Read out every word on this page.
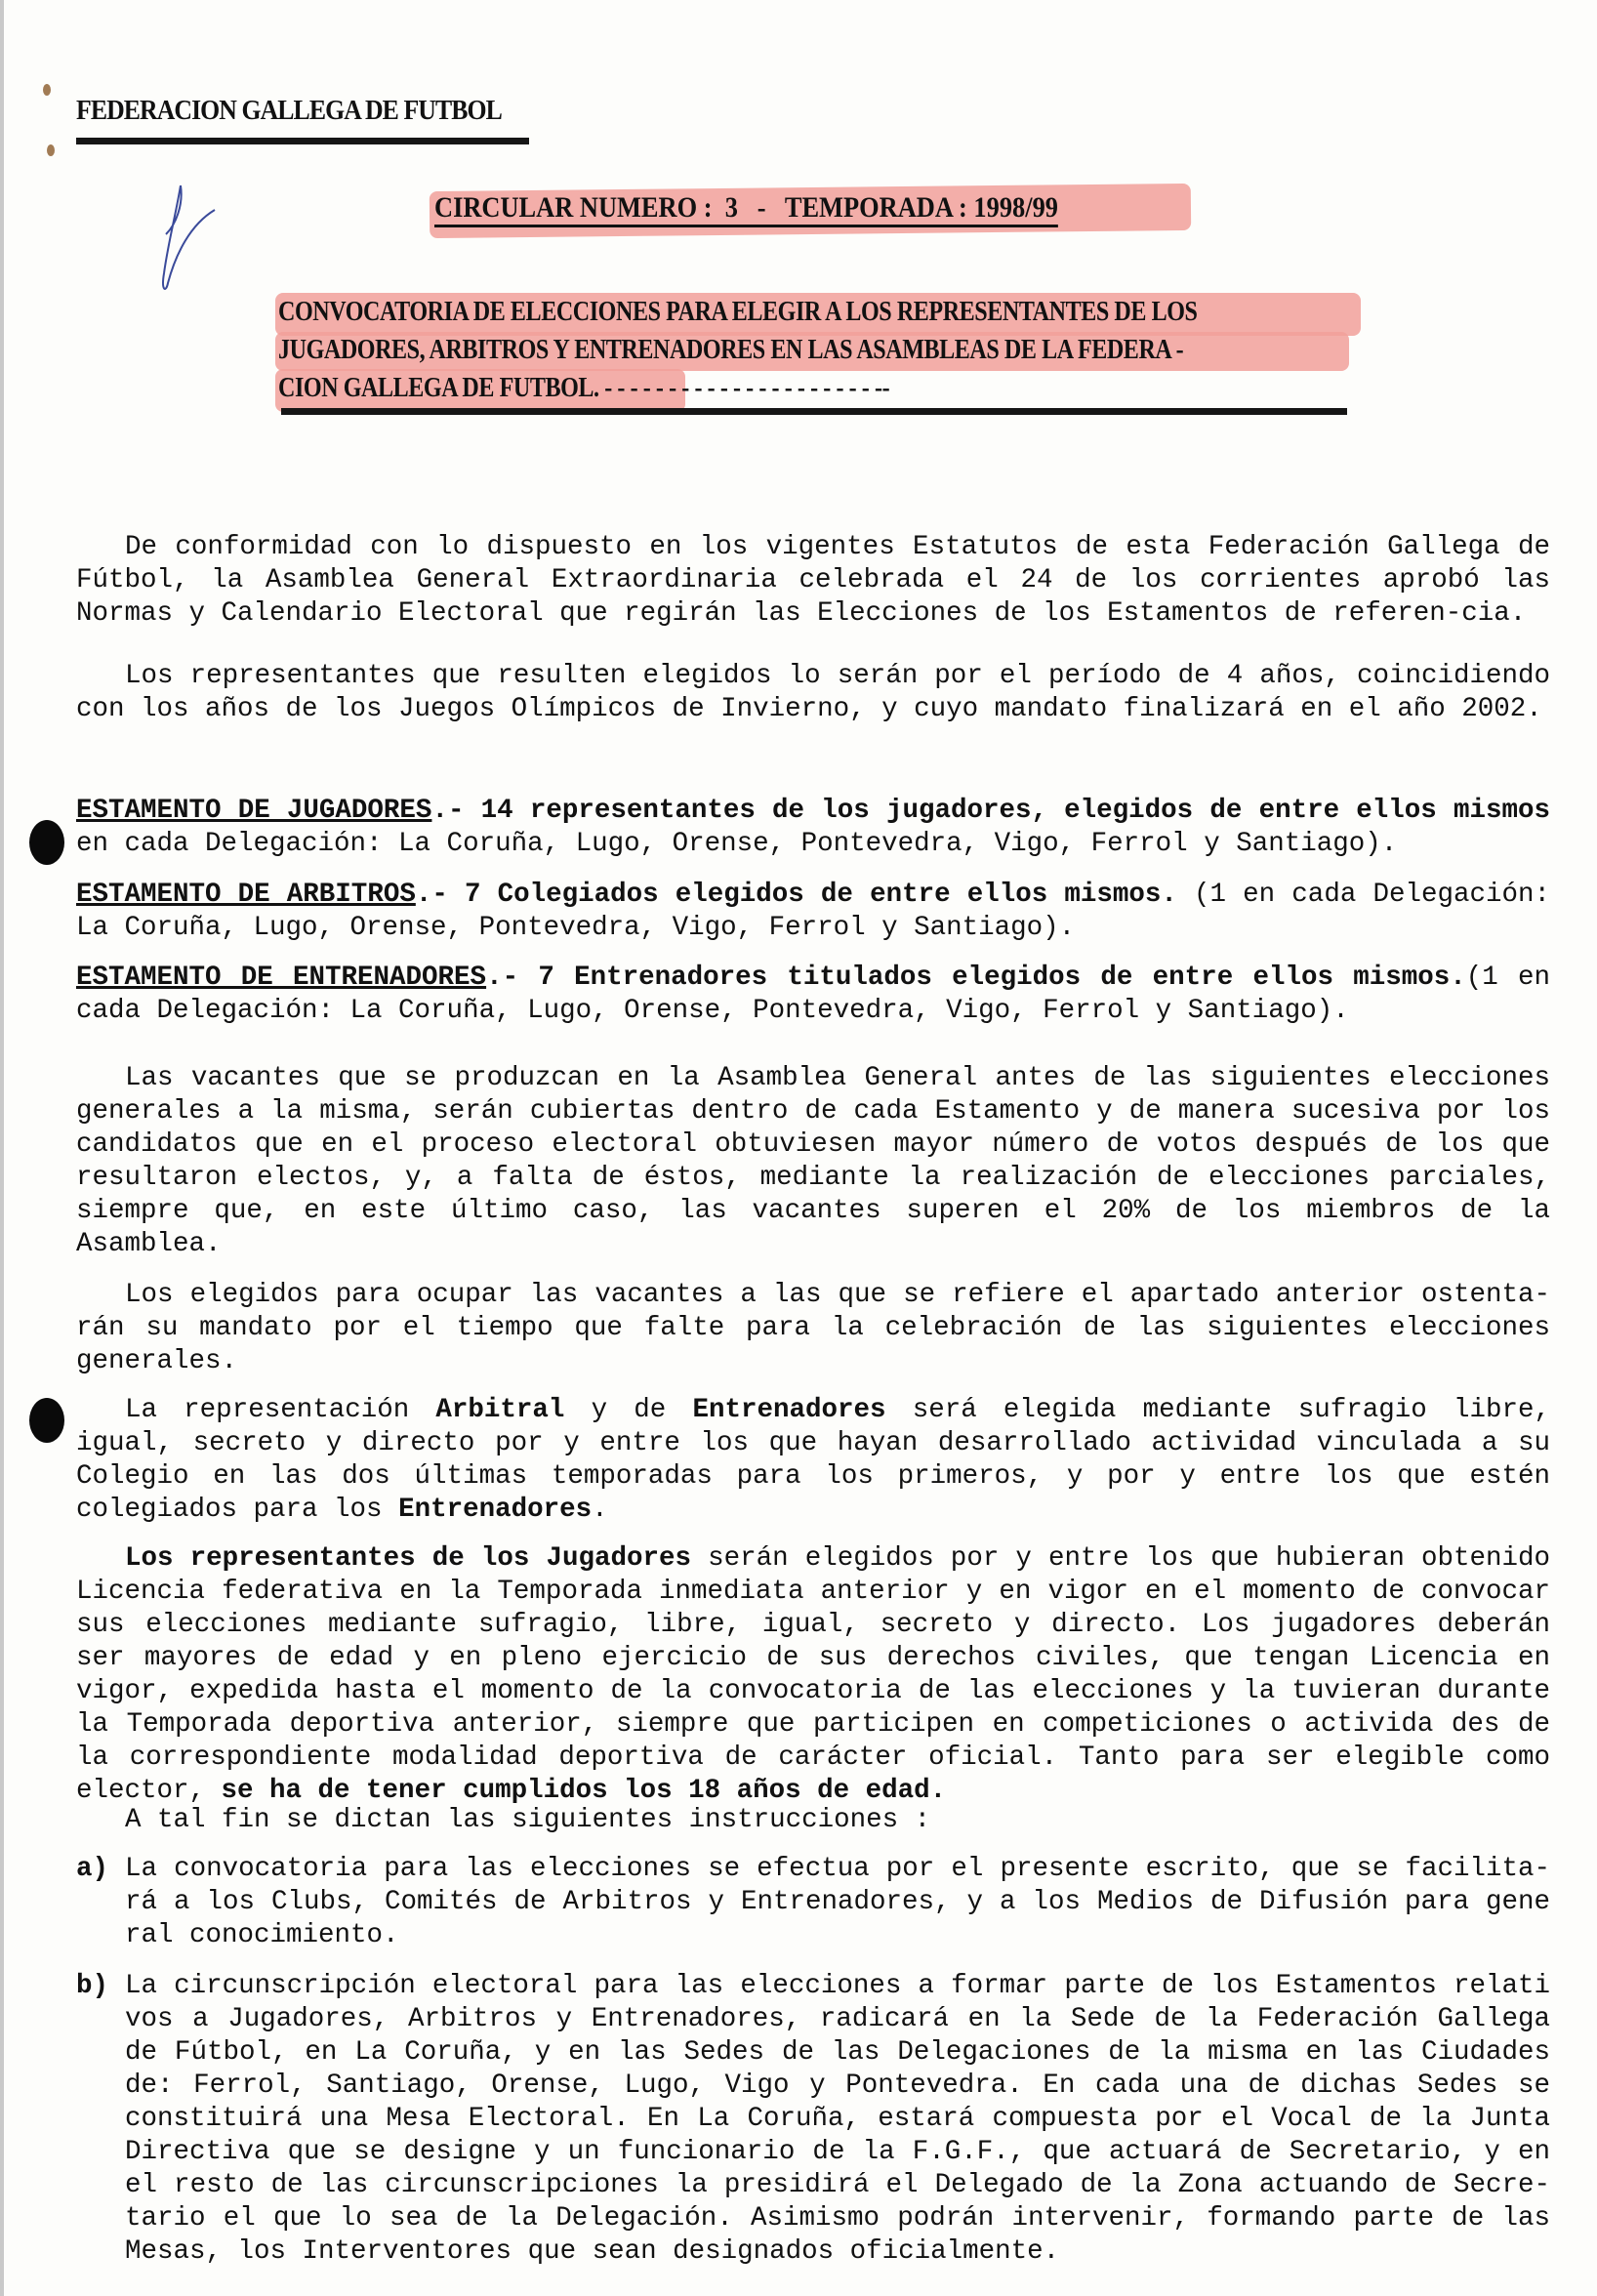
FEDERACION GALLEGA DE FUTBOL
CIRCULAR NUMERO :  3   -   TEMPORADA : 1998/99
CONVOCATORIA DE ELECCIONES PARA ELEGIR A LOS REPRESENTANTES DE LOS
JUGADORES, ARBITROS Y ENTRENADORES EN LAS ASAMBLEAS DE LA FEDERA -
CION GALLEGA DE FUTBOL. - - - - - - - - - - - - - - - - - - - - - --
De conformidad con lo dispuesto en los vigentes Estatutos de esta Federación Gallega de Fútbol, la Asamblea General Extraordinaria celebrada el 24 de los corrientes aprobó las Normas y Calendario Electoral que regirán las Elecciones de los Estamentos de referen-cia.
Los representantes que resulten elegidos lo serán por el período de 4 años, coincidiendo con los años de los Juegos Olímpicos de Invierno, y cuyo mandato finalizará en el año 2002.
ESTAMENTO DE JUGADORES.- 14 representantes de los jugadores, elegidos de entre ellos mismos en cada Delegación: La Coruña, Lugo, Orense, Pontevedra, Vigo, Ferrol y Santiago).
ESTAMENTO DE ARBITROS.- 7 Colegiados elegidos de entre ellos mismos. (1 en cada Delegación: La Coruña, Lugo, Orense, Pontevedra, Vigo, Ferrol y Santiago).
ESTAMENTO DE ENTRENADORES.- 7 Entrenadores titulados elegidos de entre ellos mismos.(1 en cada Delegación: La Coruña, Lugo, Orense, Pontevedra, Vigo, Ferrol y Santiago).
Las vacantes que se produzcan en la Asamblea General antes de las siguientes elecciones generales a la misma, serán cubiertas dentro de cada Estamento y de manera sucesiva por los candidatos que en el proceso electoral obtuviesen mayor número de votos después de los que resultaron electos, y, a falta de éstos, mediante la realización de elecciones parciales, siempre que, en este último caso, las vacantes superen el 20% de los miembros de la Asamblea.
Los elegidos para ocupar las vacantes a las que se refiere el apartado anterior ostenta-rán su mandato por el tiempo que falte para la celebración de las siguientes elecciones generales.
La representación Arbitral y de Entrenadores será elegida mediante sufragio libre, igual, secreto y directo por y entre los que hayan desarrollado actividad vinculada a su Colegio en las dos últimas temporadas para los primeros, y por y entre los que estén colegiados para los Entrenadores.
Los representantes de los Jugadores serán elegidos por y entre los que hubieran obtenido Licencia federativa en la Temporada inmediata anterior y en vigor en el momento de convocar sus elecciones mediante sufragio, libre, igual, secreto y directo. Los jugadores deberán ser mayores de edad y en pleno ejercicio de sus derechos civiles, que tengan Licencia en vigor, expedida hasta el momento de la convocatoria de las elecciones y la tuvieran durante la Temporada deportiva anterior, siempre que participen en competiciones o activida des de la correspondiente modalidad deportiva de carácter oficial. Tanto para ser elegible como elector, se ha de tener cumplidos los 18 años de edad.
A tal fin se dictan las siguientes instrucciones :
a) La convocatoria para las elecciones se efectua por el presente escrito, que se facilita-rá a los Clubs, Comités de Arbitros y Entrenadores, y a los Medios de Difusión para gene ral conocimiento.
b) La circunscripción electoral para las elecciones a formar parte de los Estamentos relati vos a Jugadores, Arbitros y Entrenadores, radicará en la Sede de la Federación Gallega de Fútbol, en La Coruña, y en las Sedes de las Delegaciones de la misma en las Ciudades de: Ferrol, Santiago, Orense, Lugo, Vigo y Pontevedra. En cada una de dichas Sedes se constituirá una Mesa Electoral. En La Coruña, estará compuesta por el Vocal de la Junta Directiva que se designe y un funcionario de la F.G.F., que actuará de Secretario, y en el resto de las circunscripciones la presidirá el Delegado de la Zona actuando de Secre-tario el que lo sea de la Delegación. Asimismo podrán intervenir, formando parte de las Mesas, los Interventores que sean designados oficialmente.
